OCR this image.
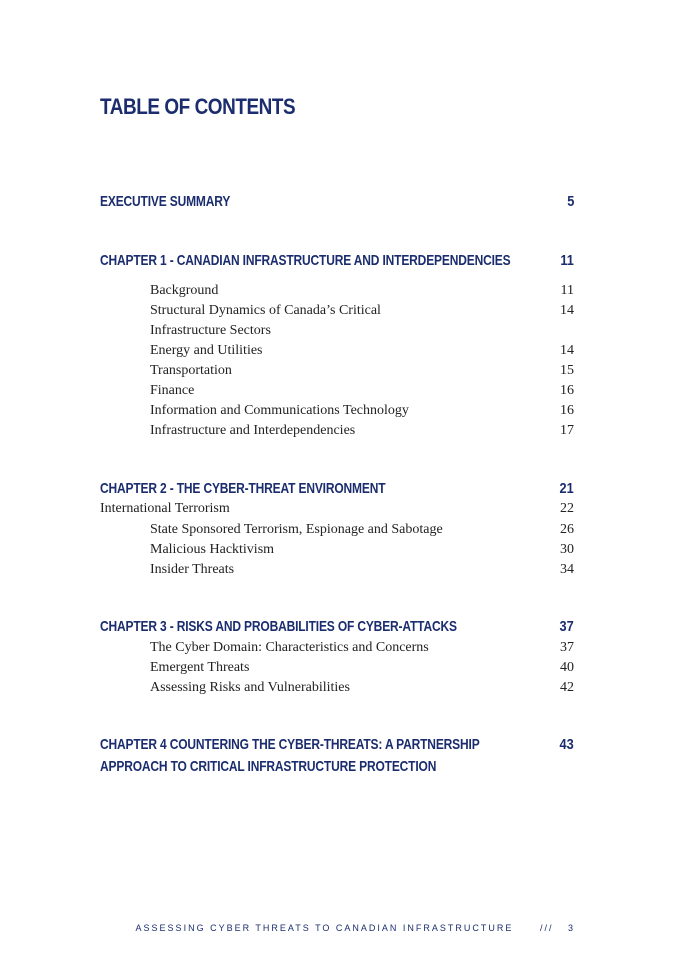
TABLE OF CONTENTS
EXECUTIVE SUMMARY	5
CHAPTER 1 - CANADIAN INFRASTRUCTURE AND INTERDEPENDENCIES	11
Background	11
Structural Dynamics of Canada’s Critical	14
Infrastructure Sectors
Energy and Utilities	14
Transportation	15
Finance	16
Information and Communications Technology	16
Infrastructure and Interdependencies	17
CHAPTER 2 - THE CYBER-THREAT ENVIRONMENT	21
International Terrorism	22
State Sponsored Terrorism, Espionage and Sabotage	26
Malicious Hacktivism	30
Insider Threats	34
CHAPTER 3 - RISKS AND PROBABILITIES OF CYBER-ATTACKS	37
The Cyber Domain: Characteristics and Concerns	37
Emergent Threats	40
Assessing Risks and Vulnerabilities	42
CHAPTER 4 COUNTERING THE CYBER-THREATS: A PARTNERSHIP	43
APPROACH TO CRITICAL INFRASTRUCTURE PROTECTION
ASSESSING CYBER THREATS TO CANADIAN INFRASTRUCTURE	/// 3
